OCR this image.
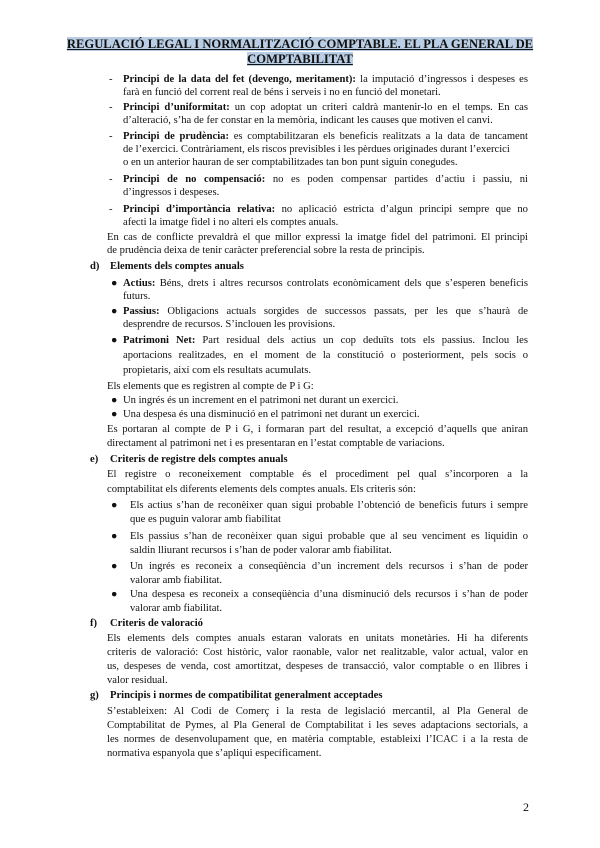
REGULACIÓ LEGAL I NORMALITZACIÓ COMPTABLE. EL PLA GENERAL DE
COMPTABILITAT
- Principi de la data del fet (devengo, meritament): la imputació d’ingressos i despeses es
farà en funció del corrent real de béns i serveis i no en funció del monetari.
- Principi d’uniformitat: un cop adoptat un criteri caldrà mantenir-lo en el temps. En cas
d’alteració, s’ha de fer constar en la memòria, indicant les causes que motiven el canvi.
- Principi de prudència: es comptabilitzaran els beneficis realitzats a la data de tancament
de l’exercici. Contràriament, els riscos previsibles i les pèrdues originades durant l’exercici
o en un anterior hauran de ser comptabilitzades tan bon punt siguin conegudes.
- Principi de no compensació: no es poden compensar partides d’actiu i passiu, ni
d’ingressos i despeses.
- Principi d’importància relativa: no aplicació estricta d’algun principi sempre que no
afecti la imatge fidel i no alteri els comptes anuals.
En cas de conflicte prevaldrà el que millor expressi la imatge fidel del patrimoni. El principi
de prudència deixa de tenir caràcter preferencial sobre la resta de principis.
d) Elements dels comptes anuals
● Actius: Béns, drets i altres recursos controlats econòmicament dels que s’esperen beneficis
futurs.
● Passius: Obligacions actuals sorgides de successos passats, per les que s’haurà de
desprendre de recursos. S’inclouen les provisions.
● Patrimoni Net: Part residual dels actius un cop deduïts tots els passius. Inclou les
aportacions realitzades, en el moment de la constitució o posteriorment, pels socis o
propietaris, així com els resultats acumulats.
Els elements que es registren al compte de P i G:
● Un ingrés és un increment en el patrimoni net durant un exercici.
● Una despesa és una disminució en el patrimoni net durant un exercici.
Es portaran al compte de P i G, i formaran part del resultat, a excepció d’aquells que aniran
directament al patrimoni net i es presentaran en l’estat comptable de variacions.
e) Criteris de registre dels comptes anuals
El registre o reconeixement comptable és el procediment pel qual s’incorporen a la
comptabilitat els diferents elements dels comptes anuals. Els criteris són:
● Els actius s’han de reconèixer quan sigui probable l’obtenció de beneficis futurs i sempre
que es puguin valorar amb fiabilitat
● Els passius s’han de reconèixer quan sigui probable que al seu venciment es liquidin o
saldin lliurant recursos i s’han de poder valorar amb fiabilitat.
● Un ingrés es reconeix a conseqüència d’un increment dels recursos i s’han de poder
valorar amb fiabilitat.
● Una despesa es reconeix a conseqüència d’una disminució dels recursos i s’han de poder
valorar amb fiabilitat.
f) Criteris de valoració
Els elements dels comptes anuals estaran valorats en unitats monetàries. Hi ha diferents
criteris de valoració: Cost històric, valor raonable, valor net realitzable, valor actual, valor en
us, despeses de venda, cost amortitzat, despeses de transacció, valor comptable o en llibres i
valor residual.
g) Principis i normes de compatibilitat generalment acceptades
S’estableixen: Al Codi de Comerç i la resta de legislació mercantil, al Pla General de
Comptabilitat de Pymes, al Pla General de Comptabilitat i les seves adaptacions sectorials, a
les normes de desenvolupament que, en matèria comptable, estableixi l’ICAC i a la resta de
normativa espanyola que s’apliqui específicament.
2
